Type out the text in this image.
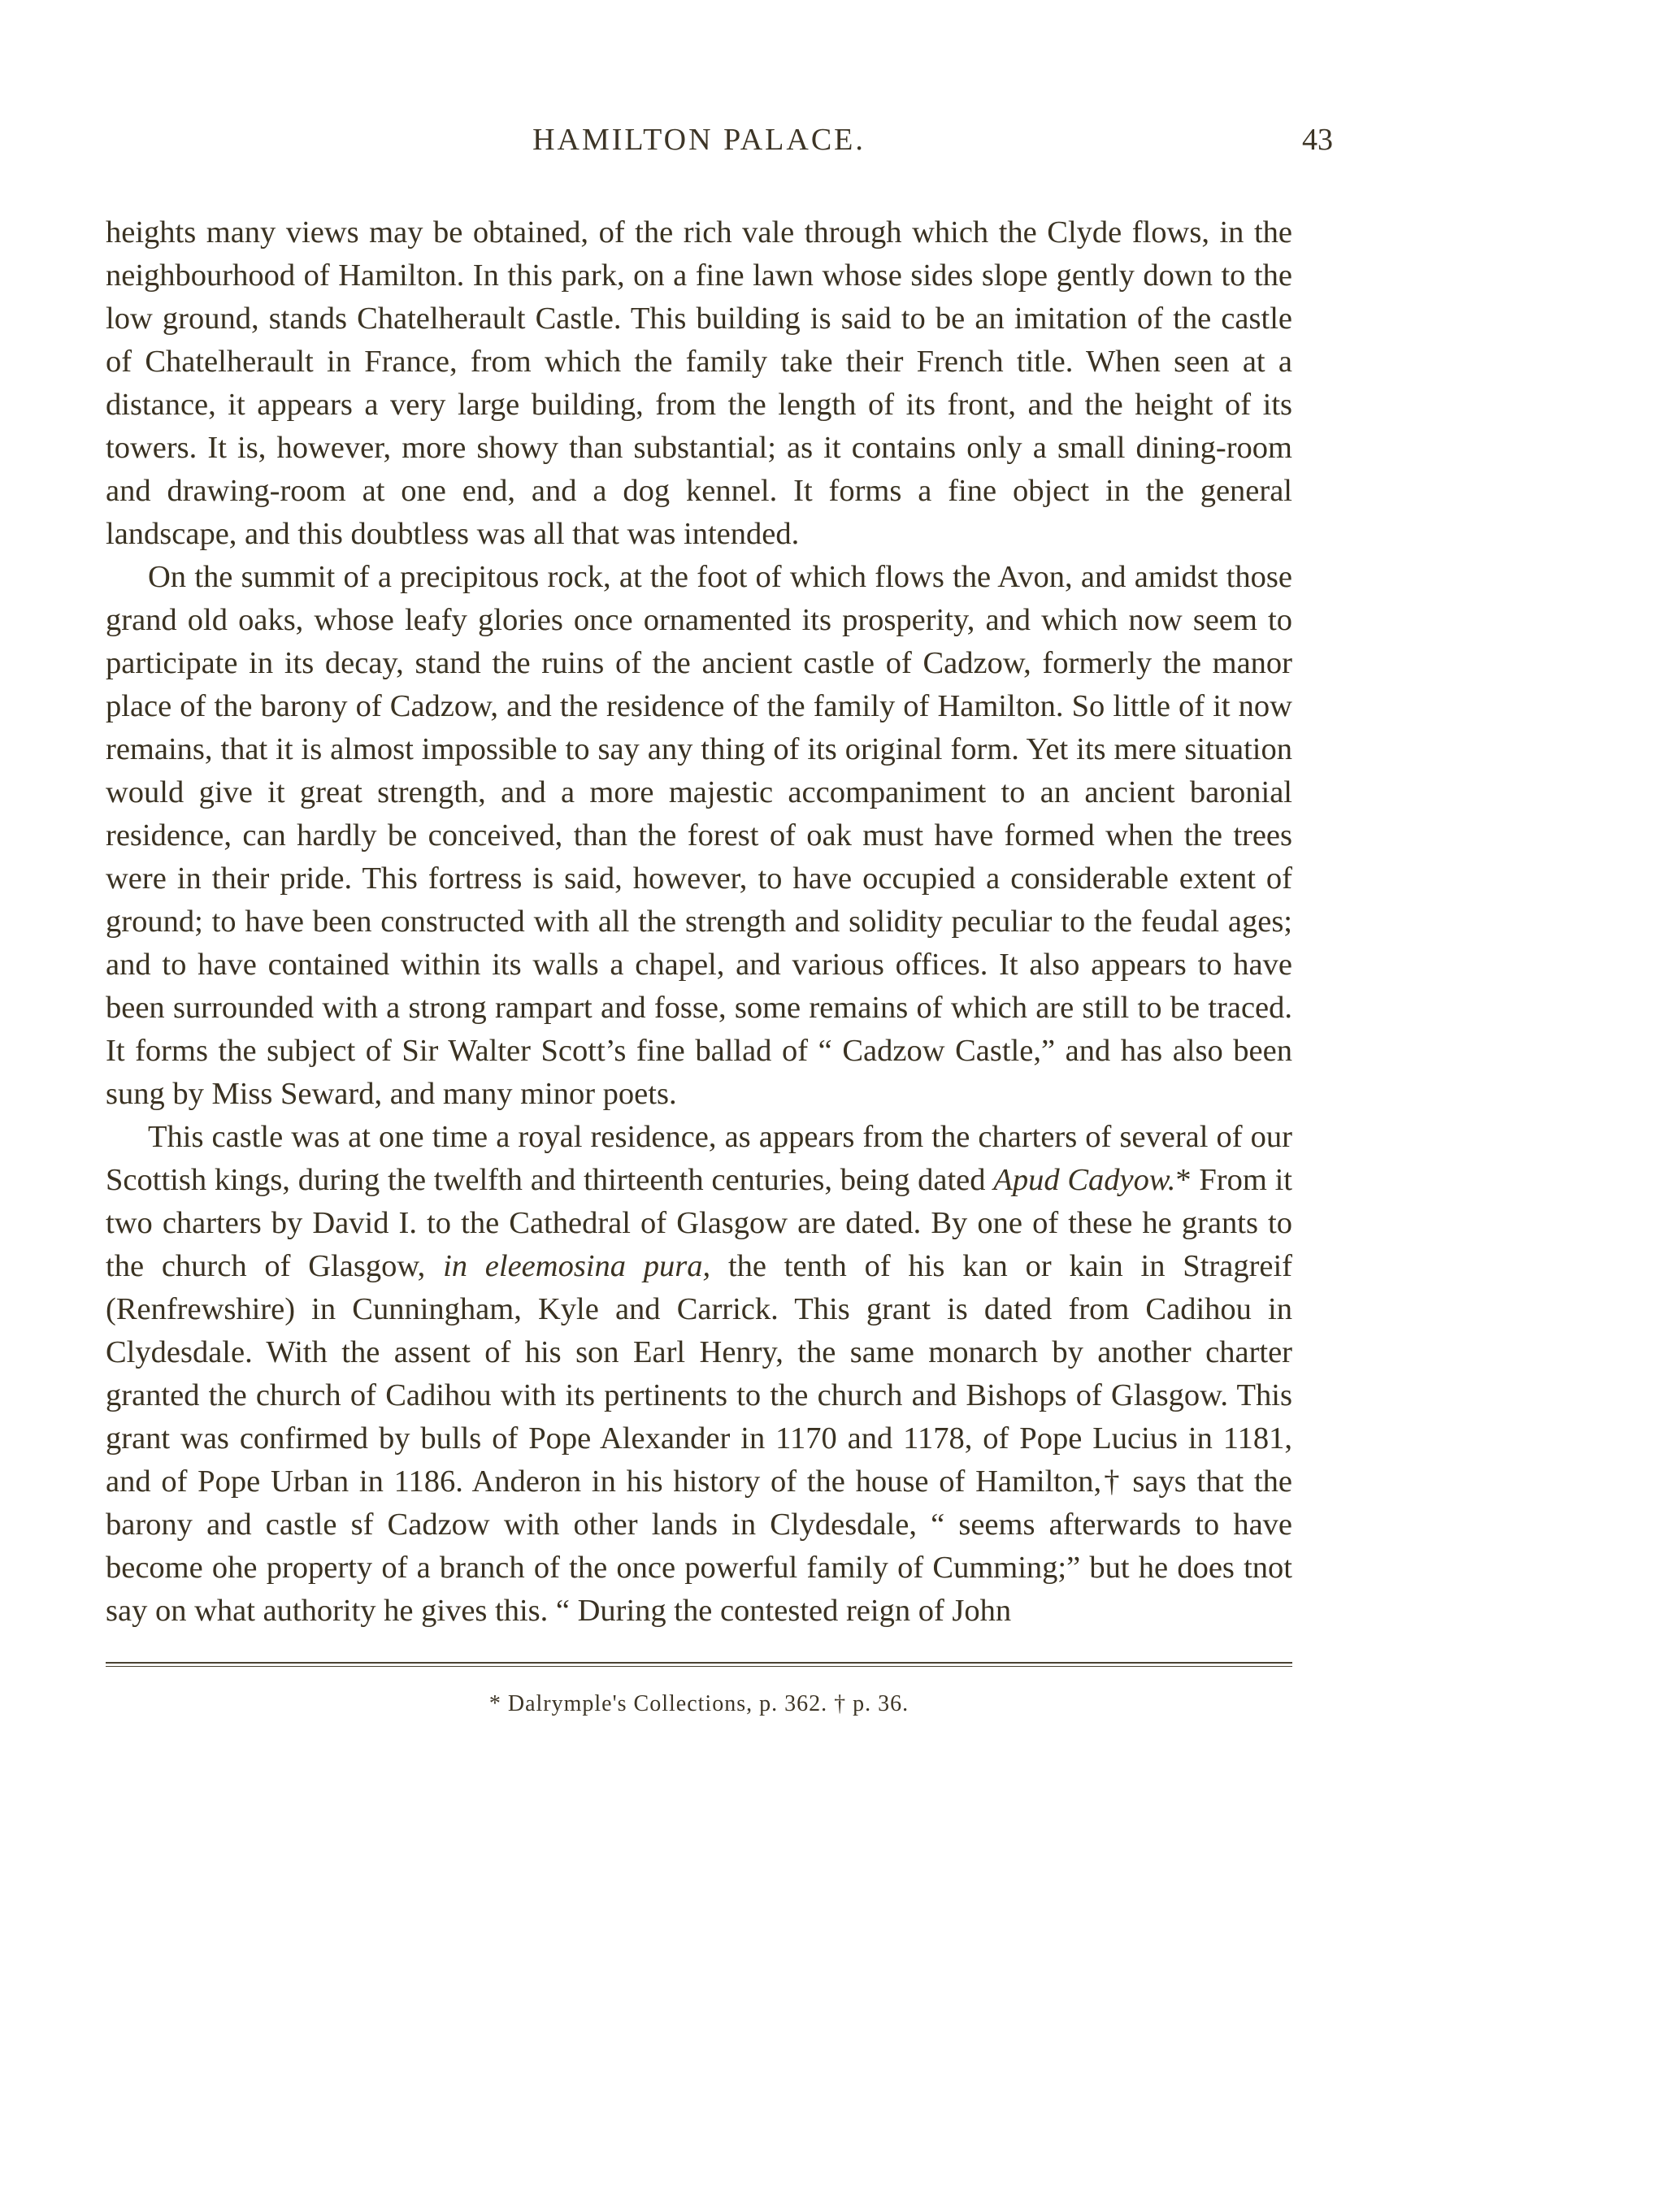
HAMILTON PALACE.	43

heights many views may be obtained, of the rich vale through which the Clyde flows, in the neighbourhood of Hamilton. In this park, on a fine lawn whose sides slope gently down to the low ground, stands Chatelherault Castle. This building is said to be an imitation of the castle of Chatelherault in France, from which the family take their French title. When seen at a distance, it appears a very large building, from the length of its front, and the height of its towers. It is, however, more showy than substantial; as it contains only a small dining-room and drawing-room at one end, and a dog kennel. It forms a fine object in the general landscape, and this doubtless was all that was intended.

On the summit of a precipitous rock, at the foot of which flows the Avon, and amidst those grand old oaks, whose leafy glories once ornamented its prosperity, and which now seem to participate in its decay, stand the ruins of the ancient castle of Cadzow, formerly the manor place of the barony of Cadzow, and the residence of the family of Hamilton. So little of it now remains, that it is almost impossible to say any thing of its original form. Yet its mere situation would give it great strength, and a more majestic accompaniment to an ancient baronial residence, can hardly be conceived, than the forest of oak must have formed when the trees were in their pride. This fortress is said, however, to have occupied a considerable extent of ground; to have been constructed with all the strength and solidity peculiar to the feudal ages; and to have contained within its walls a chapel, and various offices. It also appears to have been surrounded with a strong rampart and fosse, some remains of which are still to be traced. It forms the subject of Sir Walter Scott’s fine ballad of “ Cadzow Castle,” and has also been sung by Miss Seward, and many minor poets.

This castle was at one time a royal residence, as appears from the charters of several of our Scottish kings, during the twelfth and thirteenth centuries, being dated Apud Cadyow.* From it two charters by David I. to the Cathedral of Glasgow are dated. By one of these he grants to the church of Glasgow, in eleemosina pura, the tenth of his kan or kain in Stragreif (Renfrewshire) in Cunningham, Kyle and Carrick. This grant is dated from Cadihou in Clydesdale. With the assent of his son Earl Henry, the same monarch by another charter granted the church of Cadihou with its pertinents to the church and Bishops of Glasgow. This grant was confirmed by bulls of Pope Alexander in 1170 and 1178, of Pope Lucius in 1181, and of Pope Urban in 1186. Anderon in his history of the house of Hamilton,† says that the barony and castle sf Cadzow with other lands in Clydesdale, “ seems afterwards to have become ohe property of a branch of the once powerful family of Cumming;” but he does tnot say on what authority he gives this. “ During the contested reign of John

* Dalrymple's Collections, p. 362. † p. 36.
